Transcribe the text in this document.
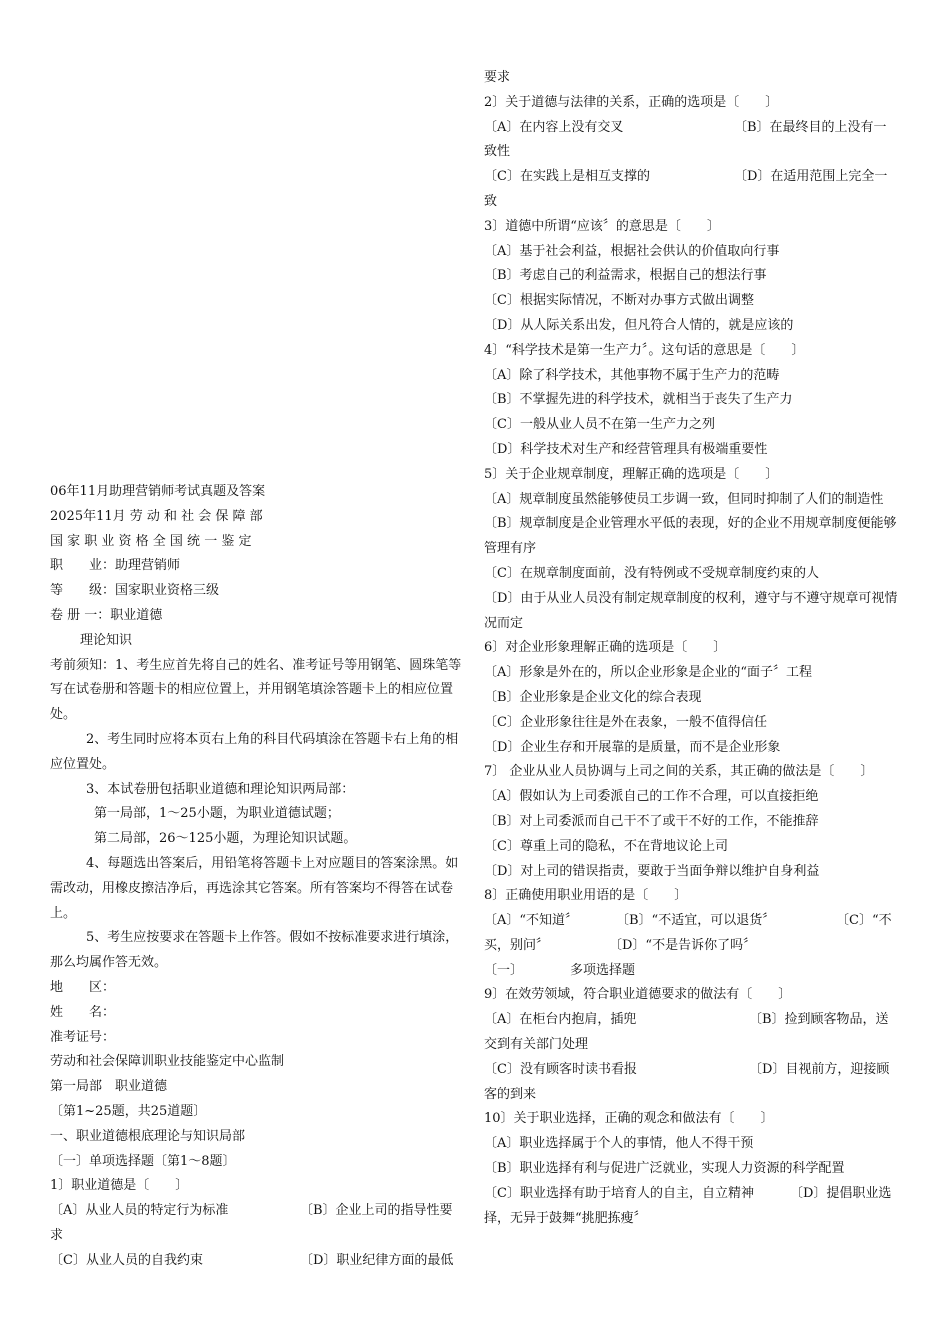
06年11月助理营销师考试真题及答案
2025年11月 劳 动 和 社 会 保 障 部
国 家 职 业 资 格 全 国 统 一 鉴 定
职　　业：助理营销师
等　　级：国家职业资格三级
卷 册 一：职业道德
理论知识
考前须知：1、考生应首先将自己的姓名、准考证号等用钢笔、圆珠笔等写在试卷册和答题卡的相应位置上，并用钢笔填涂答题卡上的相应位置处。
2、考生同时应将本页右上角的科目代码填涂在答题卡右上角的相应位置处。
3、本试卷册包括职业道德和理论知识两局部：
第一局部，1～25小题，为职业道德试题；
第二局部，26～125小题，为理论知识试题。
4、每题选出答案后，用铅笔将答题卡上对应题目的答案涂黑。如需改动，用橡皮擦洁净后，再选涂其它答案。所有答案均不得答在试卷上。
5、考生应按要求在答题卡上作答。假如不按标准要求进行填涂，那么均属作答无效。
地　　区：
姓　　名：
准考证号：
劳动和社会保障训职业技能鉴定中心监制
第一局部　职业道德
〔第1~25题，共25道题〕
一、职业道德根底理论与知识局部
〔一〕单项选择题〔第1～8题〕
1〕职业道德是〔　　〕
〔A〕从业人员的特定行为标准	〔B〕企业上司的指导性要
求
〔C〕从业人员的自我约束	〔D〕职业纪律方面的最低
要求
2〕关于道德与法律的关系，正确的选项是〔　　〕
〔A〕在内容上没有交叉	〔B〕在最终目的上没有一
致性
〔C〕在实践上是相互支撑的	〔D〕在适用范围上完全一
致
3〕道德中所谓“应该〞的意思是〔　　〕
〔A〕基于社会利益，根据社会供认的价值取向行事
〔B〕考虑自己的利益需求，根据自己的想法行事
〔C〕根据实际情况，不断对办事方式做出调整
〔D〕从人际关系出发，但凡符合人情的，就是应该的
4〕“科学技术是第一生产力〞。这句话的意思是〔　　〕
〔A〕除了科学技术，其他事物不属于生产力的范畴
〔B〕不掌握先进的科学技术，就相当于丧失了生产力
〔C〕一般从业人员不在第一生产力之列
〔D〕科学技术对生产和经营管理具有极端重要性
5〕关于企业规章制度，理解正确的选项是〔　　〕
〔A〕规章制度虽然能够使员工步调一致，但同时抑制了人们的制造性
〔B〕规章制度是企业管理水平低的表现，好的企业不用规章制度便能够管理有序
〔C〕在规章制度面前，没有特例或不受规章制度约束的人
〔D〕由于从业人员没有制定规章制度的权利，遵守与不遵守规章可视情况而定
6〕对企业形象理解正确的选项是〔　　〕
〔A〕形象是外在的，所以企业形象是企业的“面子〞工程
〔B〕企业形象是企业文化的综合表现
〔C〕企业形象往往是外在表象，一般不值得信任
〔D〕企业生存和开展靠的是质量，而不是企业形象
7〕 企业从业人员协调与上司之间的关系，其正确的做法是〔　　〕
〔A〕假如认为上司委派自己的工作不合理，可以直接拒绝
〔B〕对上司委派而自己干不了或干不好的工作，不能推辞
〔C〕尊重上司的隐私，不在背地议论上司
〔D〕对上司的错误指责，要敢于当面争辩以维护自身利益
8〕正确使用职业用语的是〔　　〕
〔A〕“不知道〞	〔B〕“不适宜，可以退货〞	〔C〕“不
买，别问〞	〔D〕“不是告诉你了吗〞
〔一〕	多项选择题
9〕在效劳领域，符合职业道德要求的做法有〔　　〕
〔A〕在柜台内抱肩，插兜	〔B〕捡到顾客物品，送
交到有关部门处理
〔C〕没有顾客时读书看报	〔D〕目视前方，迎接顾
客的到来
10〕关于职业选择，正确的观念和做法有〔　　〕
〔A〕职业选择属于个人的事情，他人不得干预
〔B〕职业选择有利与促进广泛就业，实现人力资源的科学配置
〔C〕职业选择有助于培育人的自主，自立精神	〔D〕提倡职业选
择，无异于鼓舞“挑肥拣瘦〞
